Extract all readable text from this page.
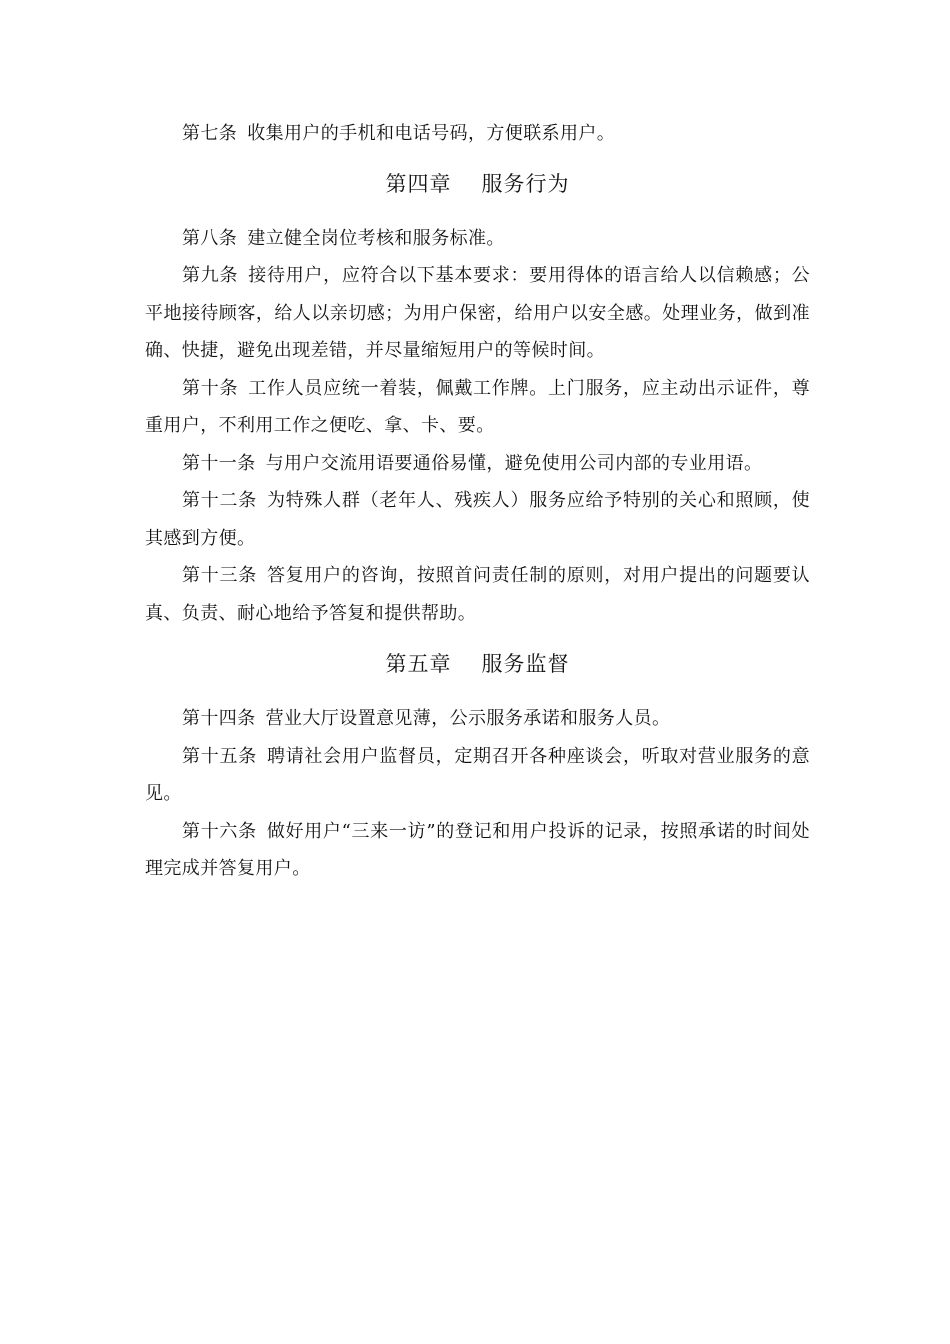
第七条 收集用户的手机和电话号码，方便联系用户。

第四章 服务行为

第八条 建立健全岗位考核和服务标准。

第九条 接待用户，应符合以下基本要求：要用得体的语言给人以信赖感；公平地接待顾客，给人以亲切感；为用户保密，给用户以安全感。处理业务，做到准确、快捷，避免出现差错，并尽量缩短用户的等候时间。

第十条 工作人员应统一着装，佩戴工作牌。上门服务，应主动出示证件，尊重用户，不利用工作之便吃、拿、卡、要。

第十一条 与用户交流用语要通俗易懂，避免使用公司内部的专业用语。

第十二条 为特殊人群（老年人、残疾人）服务应给予特别的关心和照顾，使其感到方便。

第十三条 答复用户的咨询，按照首问责任制的原则，对用户提出的问题要认真、负责、耐心地给予答复和提供帮助。

第五章 服务监督

第十四条 营业大厅设置意见薄，公示服务承诺和服务人员。

第十五条 聘请社会用户监督员，定期召开各种座谈会，听取对营业服务的意见。

第十六条 做好用户“三来一访”的登记和用户投诉的记录，按照承诺的时间处理完成并答复用户。
